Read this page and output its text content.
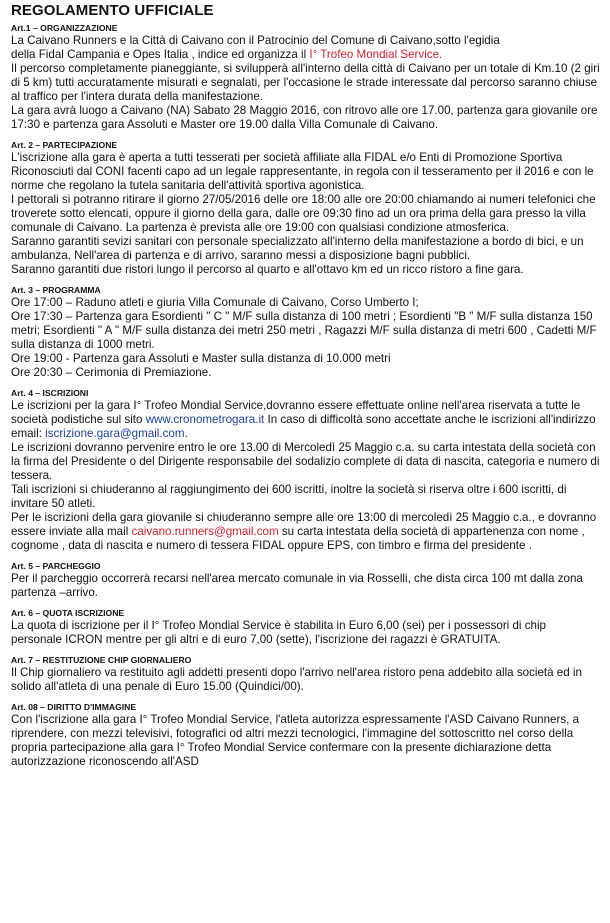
REGOLAMENTO UFFICIALE
Art.1 – ORGANIZZAZIONE

La Caivano Runners e la Città di Caivano con il Patrocinio del Comune di Caivano,sotto l'egidia
della Fidal Campania e Opes Italia , indice ed organizza il I° Trofeo Mondial Service.

Il percorso completamente pianeggiante, si svilupperà all'interno della città di Caivano per un totale di Km.10 (2 giri di 5 km) tutti accuratamente misurati e segnalati, per l'occasione le strade interessate dal percorso saranno chiuse al traffico per l'intera durata della manifestazione.

La gara avrà luogo a Caivano (NA) Sabato 28 Maggio 2016, con ritrovo alle ore 17.00, partenza gara giovanile ore 17:30 e partenza gara Assoluti e Master ore 19.00 dalla Villa Comunale di Caivano.

Art. 2 – PARTECIPAZIONE

L'iscrizione alla gara è aperta a tutti tesserati per società affiliate alla FIDAL e/o Enti di Promozione Sportiva Riconosciuti dal CONI facenti capo ad un legale rappresentante, in regola con il tesseramento per il 2016 e con le norme che regolano la tutela sanitaria dell'attività sportiva agonistica.

I pettorali si potranno ritirare il giorno 27/05/2016 delle ore 18:00 alle ore 20:00 chiamando ai numeri telefonici che troverete sotto elencati, oppure il giorno della gara, dalle ore 09:30 fino ad un ora prima della gara presso la villa comunale di Caivano. La partenza è prevista alle ore 19:00 con qualsiasi condizione atmosferica.

Saranno garantiti sevizi sanitari con personale specializzato all'interno della manifestazione a bordo di bici, e un ambulanza. Nell'area di partenza e di arrivo, saranno messi a disposizione bagni pubblici.

Saranno garantiti due ristori lungo il percorso al quarto e all'ottavo km ed un ricco ristoro a fine gara.

Art. 3 – PROGRAMMA

Ore 17:00 – Raduno atleti e giuria Villa Comunale di Caivano, Corso Umberto I;

Ore 17:30 – Partenza gara Esordienti " C " M/F sulla distanza di 100 metri ; Esordienti "B " M/F sulla distanza 150 metri; Esordienti " A " M/F sulla distanza dei metri 250 metri , Ragazzi M/F sulla distanza di metri 600 , Cadetti M/F sulla distanza di 1000 metri.

Ore 19:00 - Partenza gara Assoluti e Master sulla distanza di 10.000 metri

Ore 20:30 – Cerimonia di Premiazione.

Art. 4 – ISCRIZIONI

Le iscrizioni per la gara I° Trofeo Mondial Service,dovranno essere effettuate online nell'area riservata a tutte le società podistiche sul sito www.cronometrogara.it In caso di difficoltà sono accettate anche le iscrizioni all'indirizzo email: iscrizione.gara@gmail.com.

Le iscrizioni dovranno pervenire entro le ore 13.00 di Mercoledì 25 Maggio c.a. su carta intestata della società con la firma del Presidente o del Dirigente responsabile del sodalizio complete di data di nascita, categoria e numero di tessera.

Tali iscrizioni si chiuderanno al raggiungimento dei 600 iscritti, inoltre la società si riserva oltre i 600 iscritti, di invitare 50 atleti.

Per le iscrizioni della gara giovanile si chiuderanno sempre alle ore 13:00 di mercoledì 25 Maggio c.a., e dovranno essere inviate alla mail caivano.runners@gmail.com su carta intestata della società di appartenenza con nome , cognome , data di nascita e numero di tessera FIDAL oppure EPS, con timbro e firma del presidente .

Art. 5 – PARCHEGGIO

Per il parcheggio occorrerà recarsi nell'area mercato comunale in via Rosselli, che dista circa 100 mt dalla zona partenza –arrivo.

Art. 6 – QUOTA ISCRIZIONE

La quota di iscrizione per il I° Trofeo Mondial Service è stabilita in Euro 6,00 (sei) per i possessori di chip personale ICRON mentre per gli altri e di euro 7,00 (sette), l'iscrizione dei ragazzi è GRATUITA.

Art. 7 – RESTITUZIONE CHIP GIORNALIERO

Il Chip giornaliero va restituito agli addetti presenti dopo l'arrivo nell'area ristoro pena addebito alla società ed in solido all'atleta di una penale di Euro 15.00 (Quindici/00).

Art. 08 – DIRITTO D'IMMAGINE

Con l'iscrizione alla gara I° Trofeo Mondial Service, l'atleta autorizza espressamente l'ASD Caivano Runners, a riprendere, con mezzi televisivi, fotografici od altri mezzi tecnologici, l'immagine del sottoscritto nel corso della propria partecipazione alla gara I° Trofeo Mondial Service confermare con la presente dichiarazione detta autorizzazione riconoscendo all'ASD
